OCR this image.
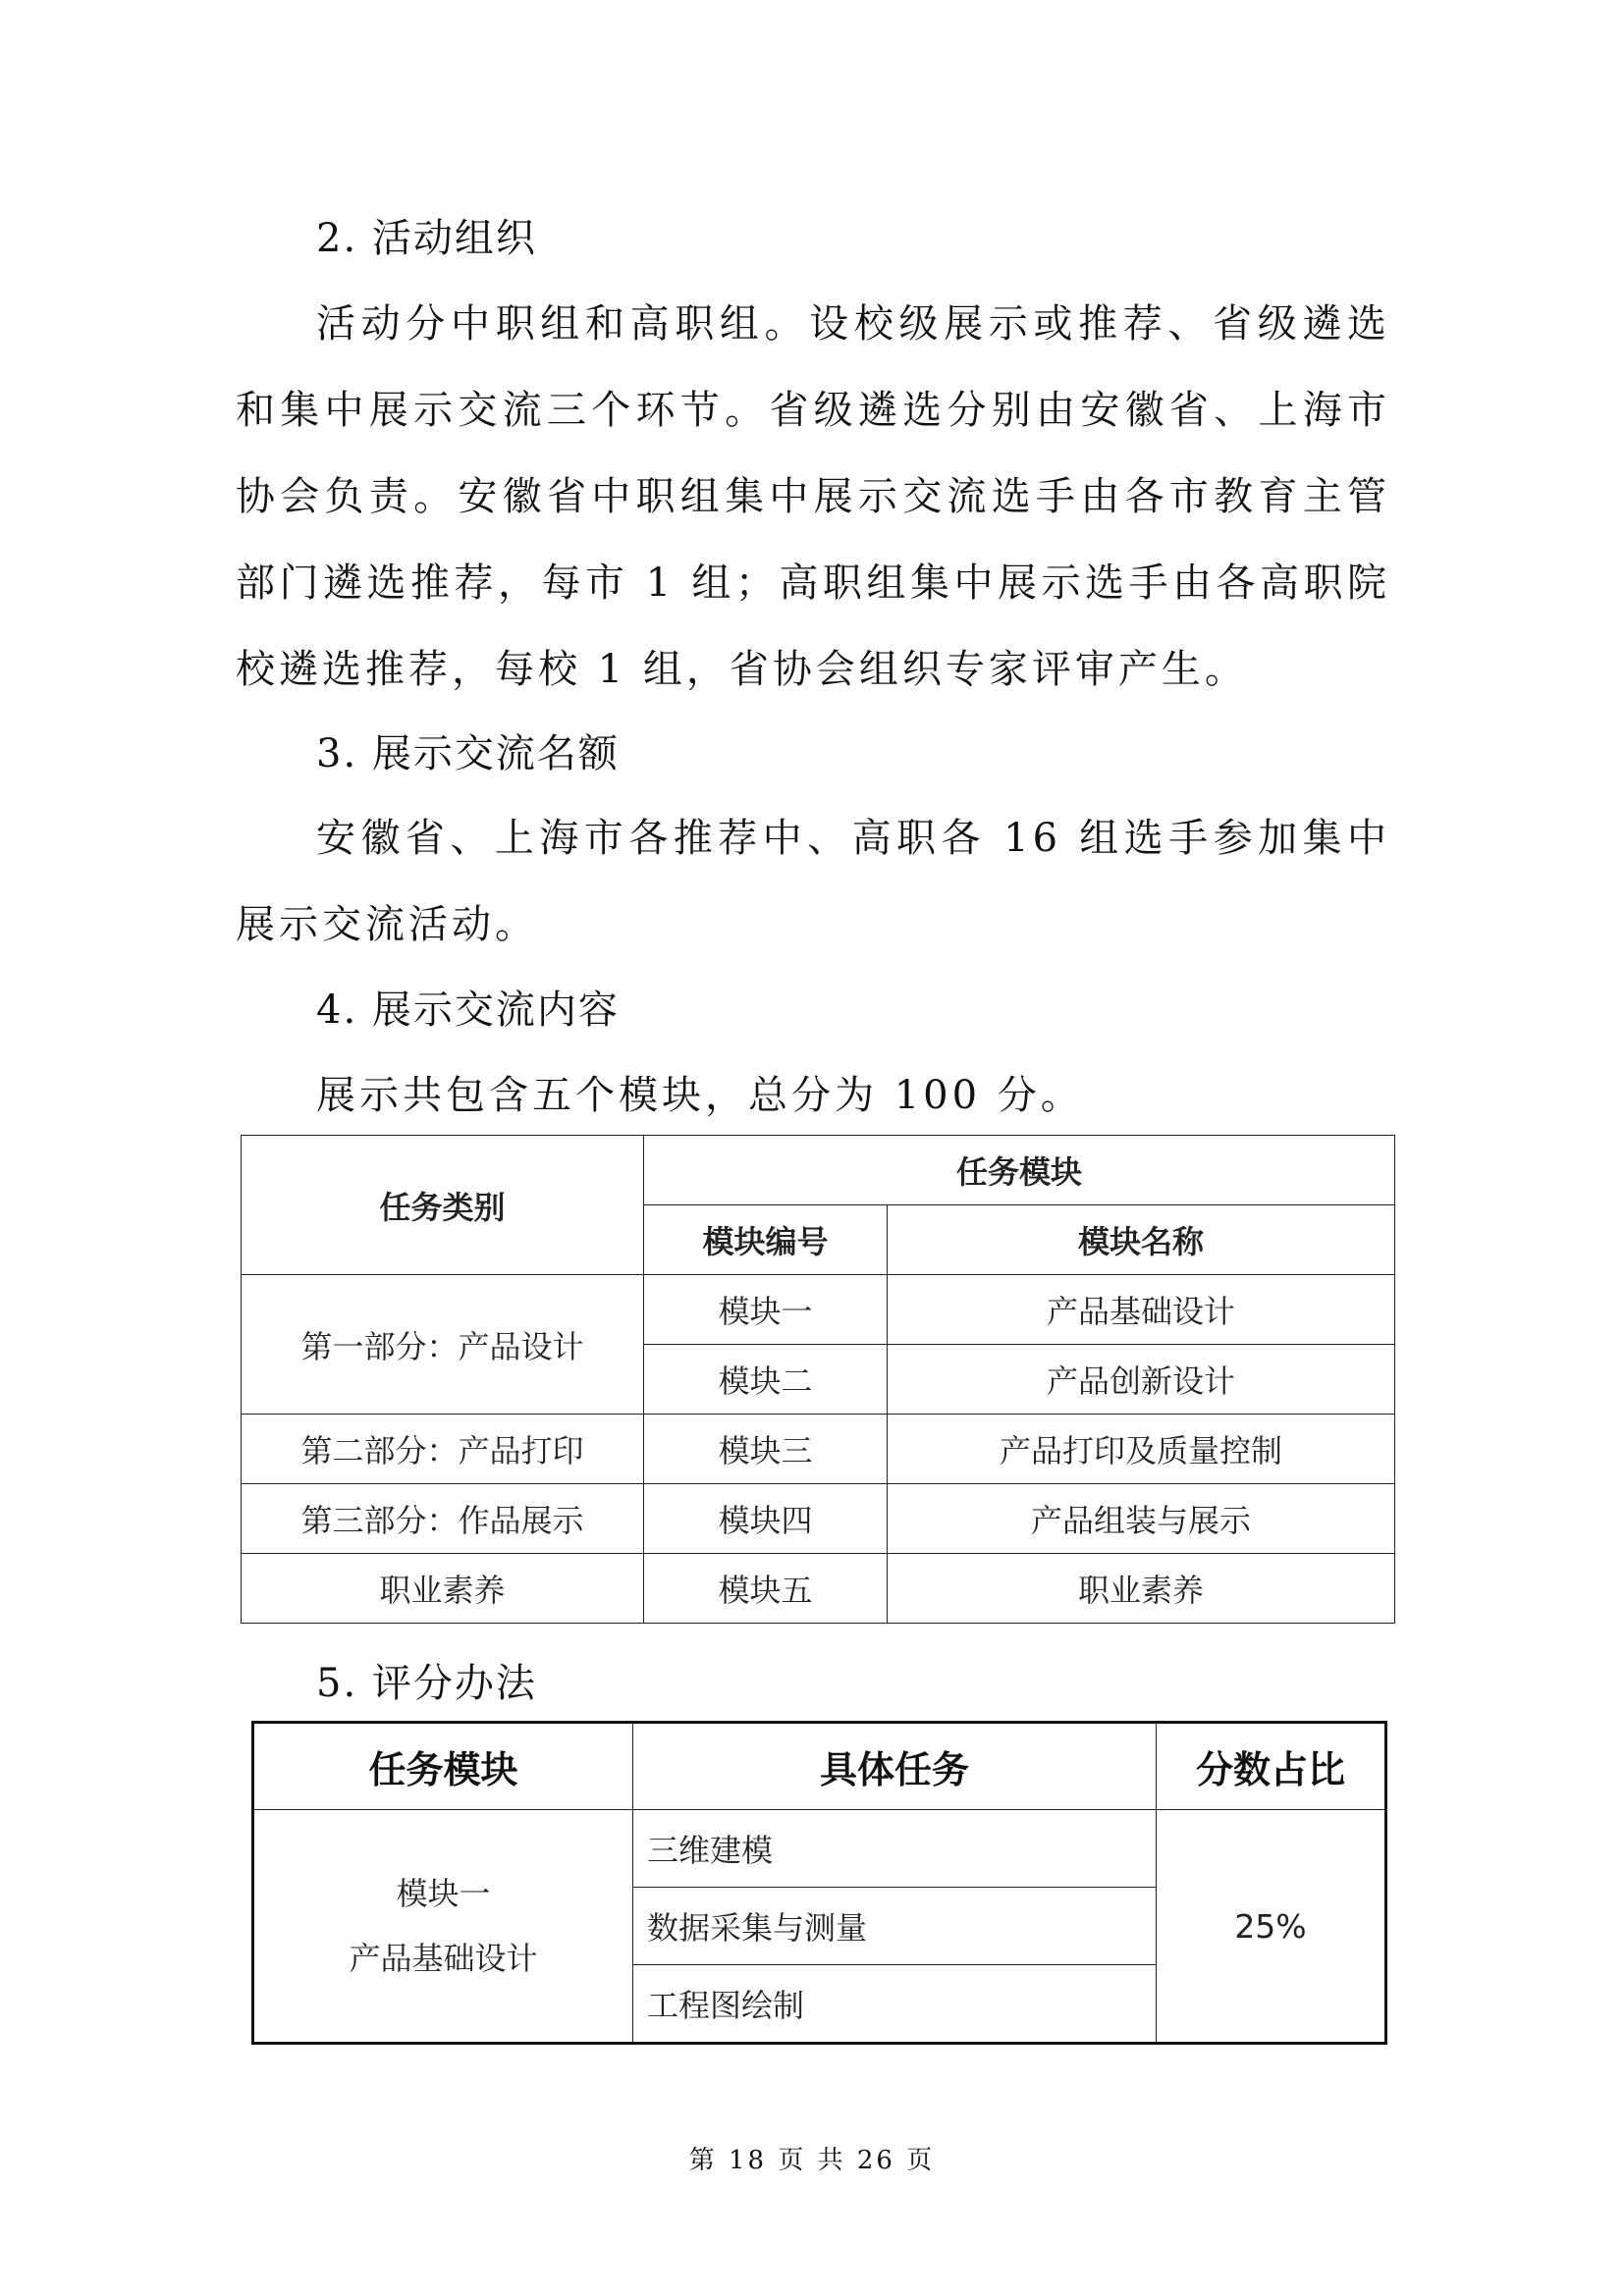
2. 活动组织

活动分中职组和高职组。设校级展示或推荐、省级遴选和集中展示交流三个环节。省级遴选分别由安徽省、上海市协会负责。安徽省中职组集中展示交流选手由各市教育主管部门遴选推荐，每市 1 组；高职组集中展示选手由各高职院校遴选推荐，每校 1 组，省协会组织专家评审产生。

3. 展示交流名额

安徽省、上海市各推荐中、高职各 16 组选手参加集中展示交流活动。

4. 展示交流内容

展示共包含五个模块，总分为 100 分。

任务类别	任务模块	
	模块编号	模块名称
第一部分：产品设计	模块一	产品基础设计
	模块二	产品创新设计
第二部分：产品打印	模块三	产品打印及质量控制
第三部分：作品展示	模块四	产品组装与展示
职业素养	模块五	职业素养
5. 评分办法
任务模块	具体任务	分数占比

模块一
产品基础设计	三维建模	25%
	数据采集与测量	
	工程图绘制	
第 18 页 共 26 页
